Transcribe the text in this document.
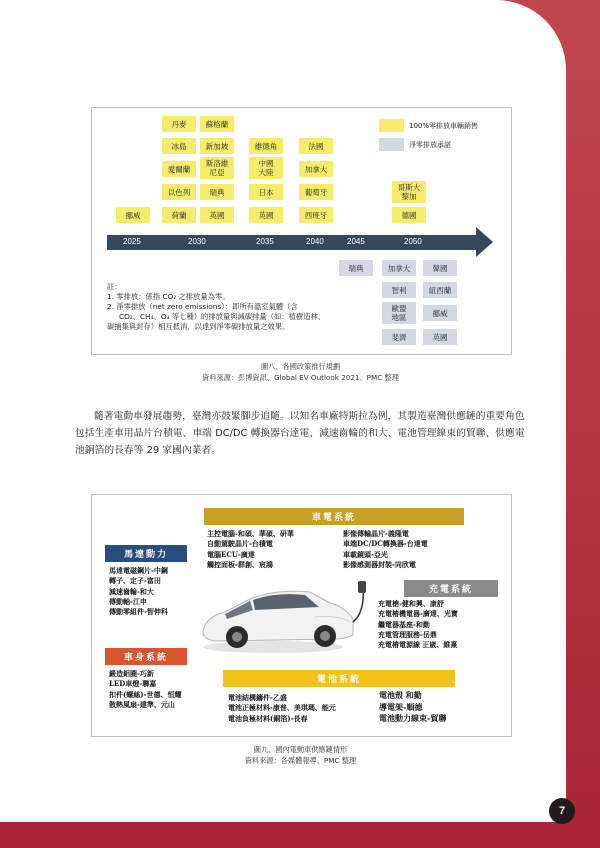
丹麥	蘇格蘭
冰島	新加坡
愛爾蘭
斯洛維
尼亞
以色列	瑞典
荷蘭	英國
挪威
維德角
中國
大陸
日本
英國
法國
加拿大
葡萄牙
西班牙
哥斯大
黎加
德國
100%零排放車輛銷售
淨零排放承諾
2025	2030	2035	2040	2045	2050
瑞典	加拿大	韓國
智利	紐西蘭
歐盟
地區	挪威
斐濟	英國
註：
1. 零排放：係指 CO₂ 之排放量為零。
2. 淨零排放（net zero emissions）：即所有溫室氣體（含
CO₂、CH₄、O₃ 等七種）的排放量與減碳排量（如：植樹造林、
碳捕集與封存）相互抵消，以達到淨零碳排放量之效果。
圖八、各國政策推行規劃
資料來源：彭博資訊、Global EV Outlook 2021、PMC 整理
隨著電動車發展趨勢，臺灣亦鼓緊腳步追隨。以知名車廠特斯拉為例，其製造臺灣供應鏈的重要角色包括生產車用晶片台積電、車端 DC/DC 轉換器台達電、減速齒輪的和大、電池管理線束的貿聯、供應電池銅箔的長春等 29 家國內業者。
車電系統
主控電腦-和碩、華碩、研華
自動駕駛晶片-台積電
電腦ECU-廣達
觸控面板-群創、宸鴻
影像傳輸晶片-義隆電
車端DC/DC轉換器-台達電
車載鏡頭-亞光
影像感測器封裝-同欣電
馬達動力
馬達電磁鋼片-中鋼
轉子、定子-富田
減速齒輪-和大
傳動軸-江申
傳動零組件-智伸科
充電系統
充電槍-健和興、康舒
充電樁機電器-廣達、光寶
繼電器基座-和勤
充電管理服務-岳鼎
充電樁電源線 正崴、維熹
車身系統
鍛造鋁圈-巧新
LED車燈-聯嘉
扣件(螺絲)-世德、恒耀
散熱風扇-建準、元山
電池系統
電池結構鑄件-乙盛
電池正極材料-康普、美琪瑪、能元
電池負極材料(銅箔)-長春
電池殼 和勤
導電架-順德
電池動力線束-貿聯
圖九、國內電動車供應鏈情形
資料來源：各媒體報導、PMC 整理
7
